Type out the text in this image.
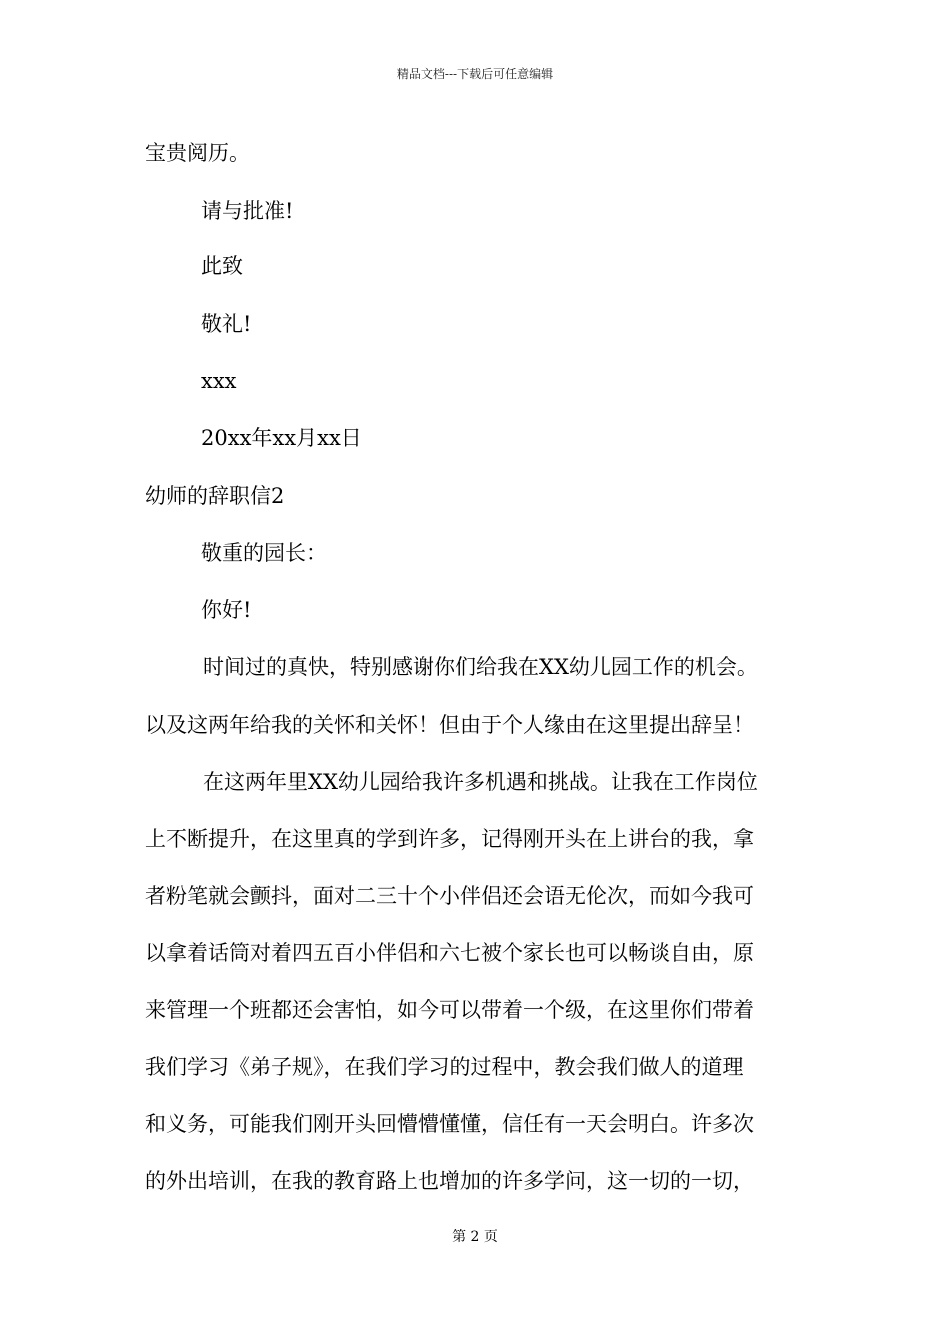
精品文档---下载后可任意编辑
宝贵阅历。
请与批准!
此致
敬礼!
xxx
20xx年xx月xx日
幼师的辞职信2
敬重的园长：
你好!
时间过的真快，特别感谢你们给我在XX幼儿园工作的机会。
以及这两年给我的关怀和关怀！但由于个人缘由在这里提出辞呈！
在这两年里XX幼儿园给我许多机遇和挑战。让我在工作岗位
上不断提升，在这里真的学到许多，记得刚开头在上讲台的我，拿
者粉笔就会颤抖，面对二三十个小伴侣还会语无伦次，而如今我可
以拿着话筒对着四五百小伴侣和六七被个家长也可以畅谈自由，原
来管理一个班都还会害怕，如今可以带着一个级，在这里你们带着
我们学习《弟子规》，在我们学习的过程中，教会我们做人的道理
和义务，可能我们刚开头回懵懵懂懂，信任有一天会明白。许多次
的外出培训，在我的教育路上也增加的许多学问，这一切的一切，
第 2 页
